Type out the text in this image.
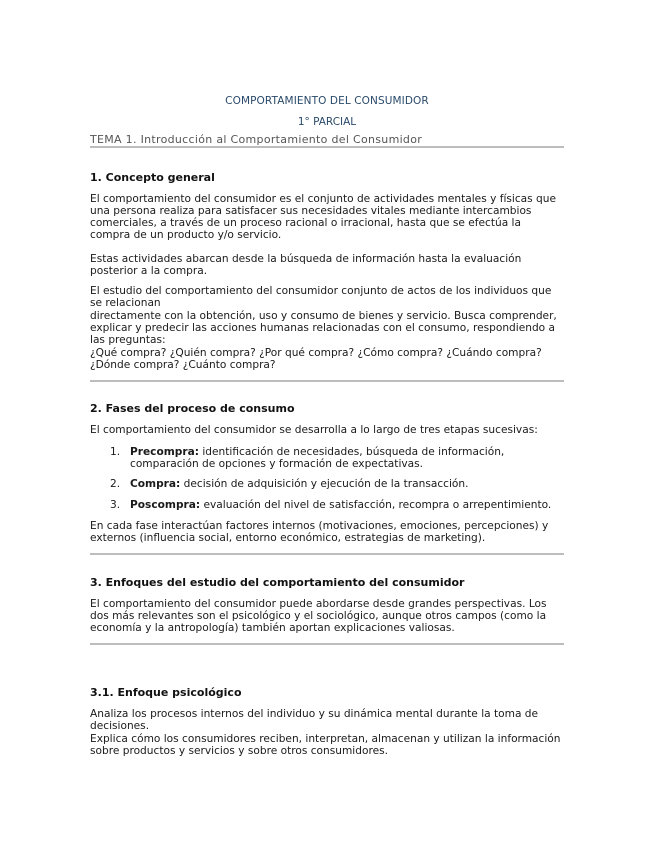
COMPORTAMIENTO DEL CONSUMIDOR
1° PARCIAL
TEMA 1. Introducción al Comportamiento del Consumidor
1. Concepto general
El comportamiento del consumidor es el conjunto de actividades mentales y físicas que una persona realiza para satisfacer sus necesidades vitales mediante intercambios comerciales, a través de un proceso racional o irracional, hasta que se efectúa la compra de un producto y/o servicio.
Estas actividades abarcan desde la búsqueda de información hasta la evaluación posterior a la compra.
El estudio del comportamiento del consumidor conjunto de actos de los individuos que se relacionan
directamente con la obtención, uso y consumo de bienes y servicio. Busca comprender, explicar y predecir las acciones humanas relacionadas con el consumo, respondiendo a las preguntas:
¿Qué compra? ¿Quién compra? ¿Por qué compra? ¿Cómo compra? ¿Cuándo compra? ¿Dónde compra? ¿Cuánto compra?
2. Fases del proceso de consumo
El comportamiento del consumidor se desarrolla a lo largo de tres etapas sucesivas:
1. Precompra: identificación de necesidades, búsqueda de información, comparación de opciones y formación de expectativas.
2. Compra: decisión de adquisición y ejecución de la transacción.
3. Poscompra: evaluación del nivel de satisfacción, recompra o arrepentimiento.
En cada fase interactúan factores internos (motivaciones, emociones, percepciones) y externos (influencia social, entorno económico, estrategias de marketing).
3. Enfoques del estudio del comportamiento del consumidor
El comportamiento del consumidor puede abordarse desde grandes perspectivas. Los dos más relevantes son el psicológico y el sociológico, aunque otros campos (como la economía y la antropología) también aportan explicaciones valiosas.
3.1. Enfoque psicológico
Analiza los procesos internos del individuo y su dinámica mental durante la toma de decisiones.
Explica cómo los consumidores reciben, interpretan, almacenan y utilizan la información sobre productos y servicios y sobre otros consumidores.
